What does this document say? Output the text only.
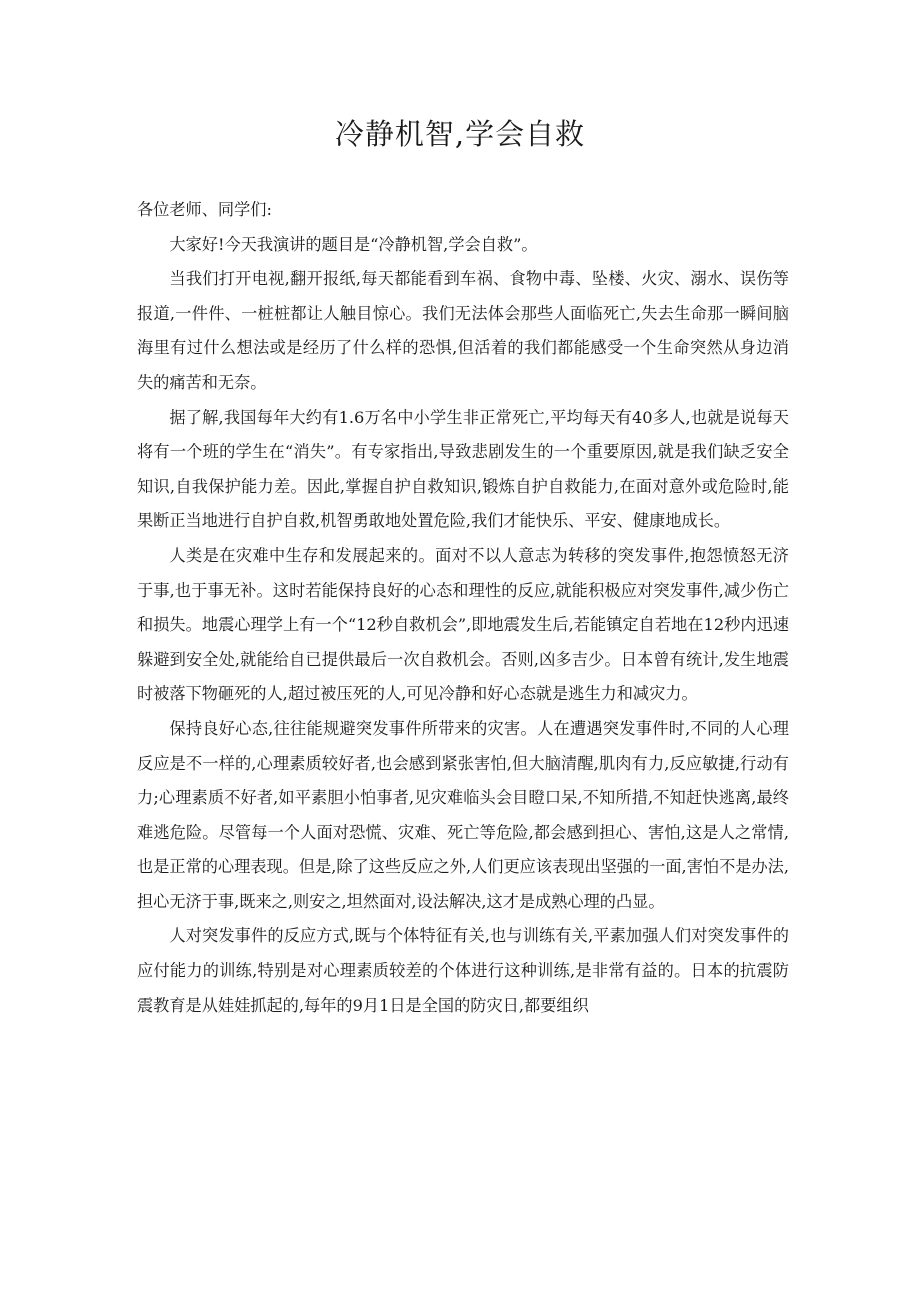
冷静机智,学会自救

各位老师、同学们:

大家好!今天我演讲的题目是“冷静机智,学会自救”。

当我们打开电视,翻开报纸,每天都能看到车祸、食物中毒、坠楼、火灾、溺水、误伤等报道,一件件、一桩桩都让人触目惊心。我们无法体会那些人面临死亡,失去生命那一瞬间脑海里有过什么想法或是经历了什么样的恐惧,但活着的我们都能感受一个生命突然从身边消失的痛苦和无奈。

据了解,我国每年大约有1.6万名中小学生非正常死亡,平均每天有40多人,也就是说每天将有一个班的学生在“消失”。有专家指出,导致悲剧发生的一个重要原因,就是我们缺乏安全知识,自我保护能力差。因此,掌握自护自救知识,锻炼自护自救能力,在面对意外或危险时,能果断正当地进行自护自救,机智勇敢地处置危险,我们才能快乐、平安、健康地成长。

人类是在灾难中生存和发展起来的。面对不以人意志为转移的突发事件,抱怨愤怒无济于事,也于事无补。这时若能保持良好的心态和理性的反应,就能积极应对突发事件,减少伤亡和损失。地震心理学上有一个“12秒自救机会”,即地震发生后,若能镇定自若地在12秒内迅速躲避到安全处,就能给自已提供最后一次自救机会。否则,凶多吉少。日本曾有统计,发生地震时被落下物砸死的人,超过被压死的人,可见冷静和好心态就是逃生力和减灾力。

保持良好心态,往往能规避突发事件所带来的灾害。人在遭遇突发事件时,不同的人心理反应是不一样的,心理素质较好者,也会感到紧张害怕,但大脑清醒,肌肉有力,反应敏捷,行动有力;心理素质不好者,如平素胆小怕事者,见灾难临头会目瞪口呆,不知所措,不知赶快逃离,最终难逃危险。尽管每一个人面对恐慌、灾难、死亡等危险,都会感到担心、害怕,这是人之常情,也是正常的心理表现。但是,除了这些反应之外,人们更应该表现出坚强的一面,害怕不是办法,担心无济于事,既来之,则安之,坦然面对,设法解决,这才是成熟心理的凸显。

人对突发事件的反应方式,既与个体特征有关,也与训练有关,平素加强人们对突发事件的应付能力的训练,特别是对心理素质较差的个体进行这种训练,是非常有益的。日本的抗震防震教育是从娃娃抓起的,每年的9月1日是全国的防灾日,都要组织
